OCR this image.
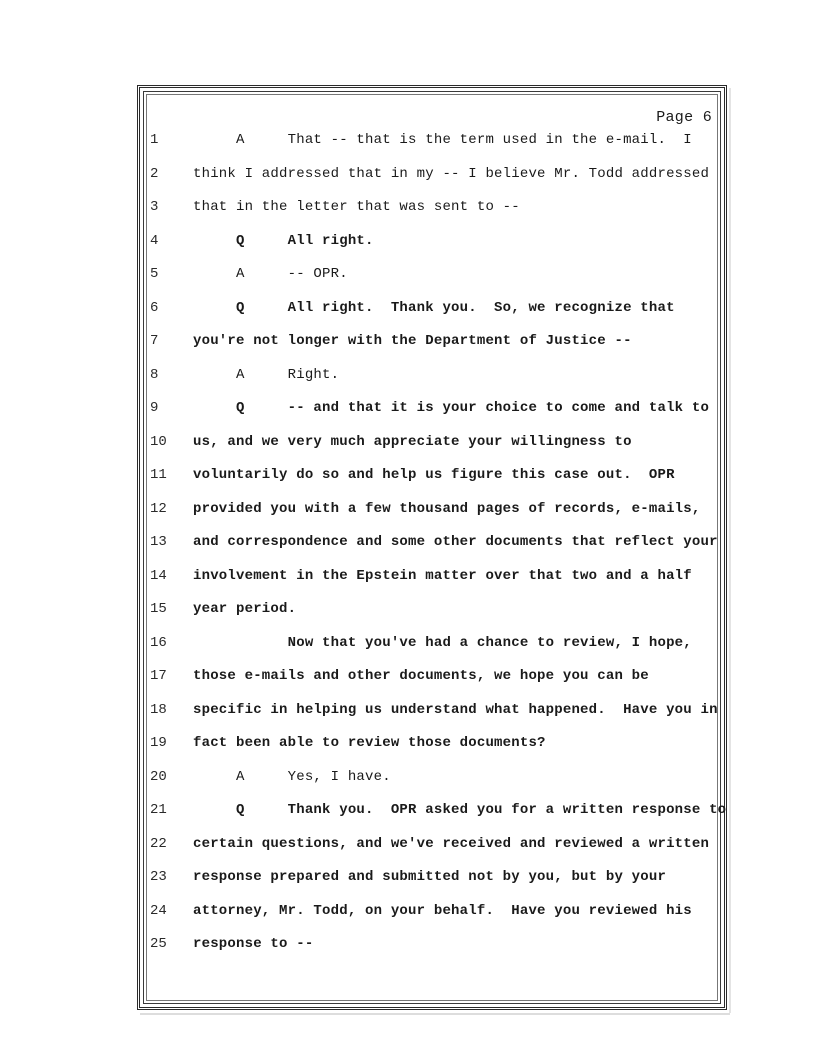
Page 6
1
2
3
4
5
6
7
8
9
10
11
12
13
14
15
16
17
18
19
20
21
22
23
24
25
A     That -- that is the term used in the e-mail.  I
think I addressed that in my -- I believe Mr. Todd addressed
that in the letter that was sent to --
Q     All right.
A     -- OPR.
Q     All right.  Thank you.  So, we recognize that
you're not longer with the Department of Justice --
A     Right.
Q     -- and that it is your choice to come and talk to
us, and we very much appreciate your willingness to
voluntarily do so and help us figure this case out.  OPR
provided you with a few thousand pages of records, e-mails,
and correspondence and some other documents that reflect your
involvement in the Epstein matter over that two and a half
year period.
Now that you've had a chance to review, I hope,
those e-mails and other documents, we hope you can be
specific in helping us understand what happened.  Have you in
fact been able to review those documents?
A     Yes, I have.
Q     Thank you.  OPR asked you for a written response to
certain questions, and we've received and reviewed a written
response prepared and submitted not by you, but by your
attorney, Mr. Todd, on your behalf.  Have you reviewed his
response to --
